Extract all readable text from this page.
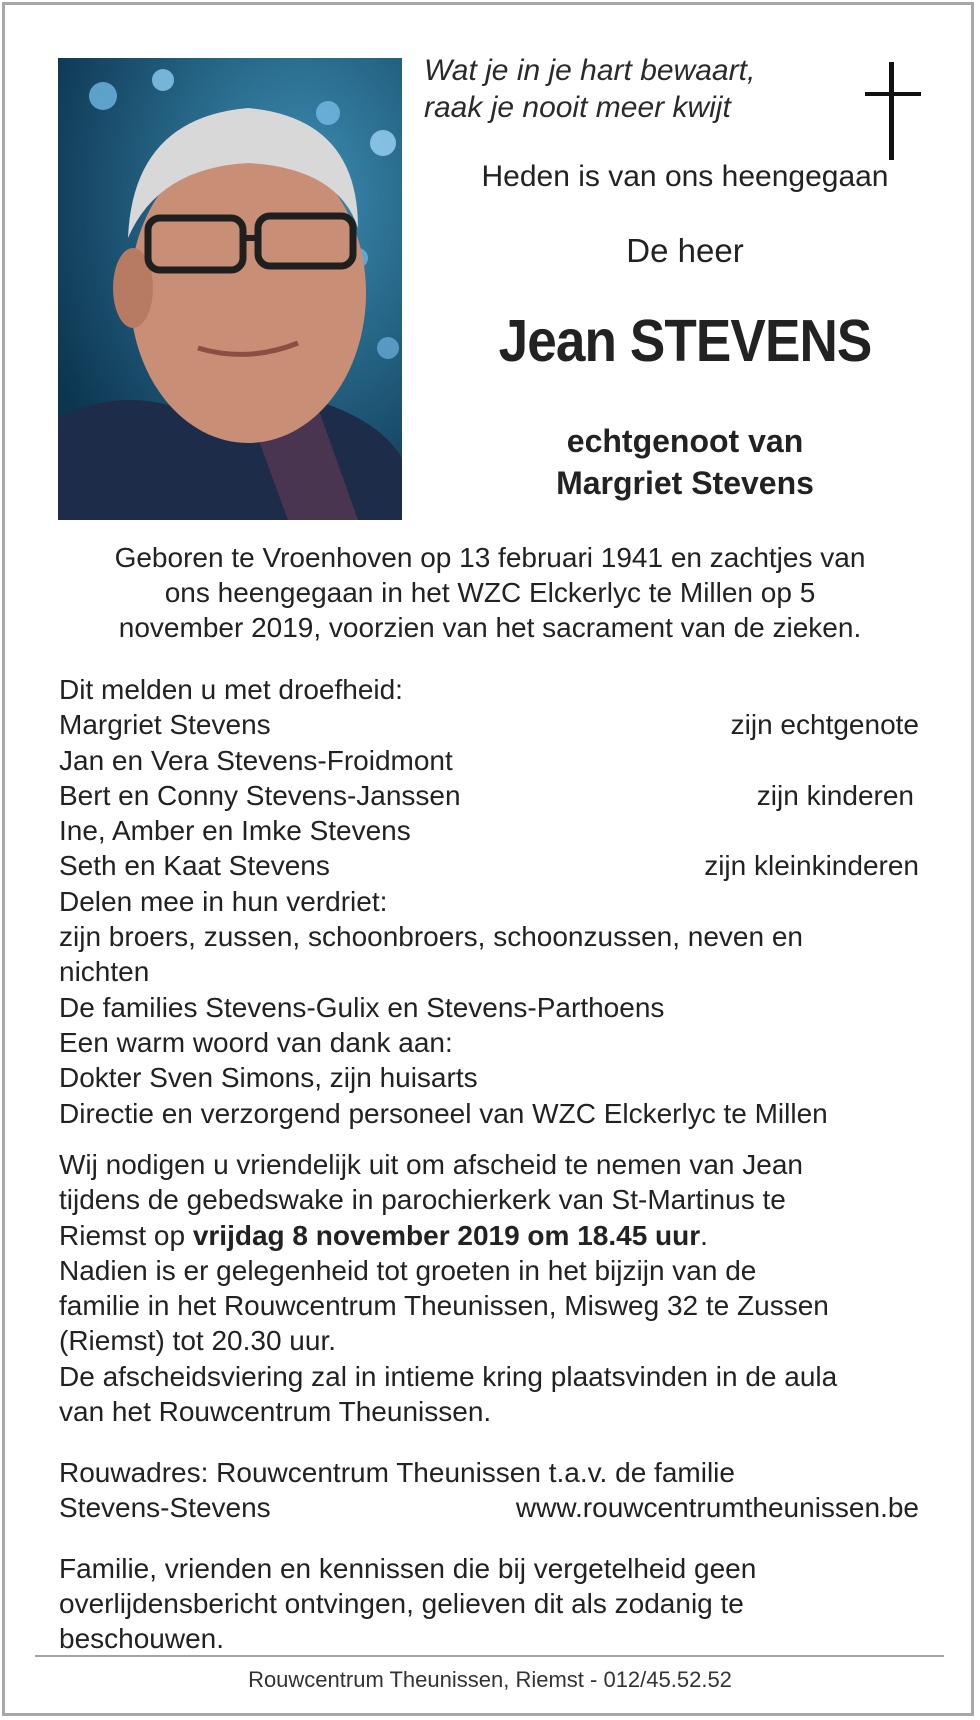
Wat je in je hart bewaart,
raak je nooit meer kwijt
Heden is van ons heengegaan
De heer
Jean STEVENS
echtgenoot van
Margriet Stevens
Geboren te Vroenhoven op 13 februari 1941 en zachtjes van
ons heengegaan in het WZC Elckerlyc te Millen op 5
november 2019, voorzien van het sacrament van de zieken.
Dit melden u met droefheid:
Margriet Stevens	zijn echtgenote
Jan en Vera Stevens-Froidmont
Bert en Conny Stevens-Janssen	zijn kinderen
Ine, Amber en Imke Stevens
Seth en Kaat Stevens	zijn kleinkinderen
Delen mee in hun verdriet:
zijn broers, zussen, schoonbroers, schoonzussen, neven en
nichten
De families Stevens-Gulix en Stevens-Parthoens
Een warm woord van dank aan:
Dokter Sven Simons, zijn huisarts
Directie en verzorgend personeel van WZC Elckerlyc te Millen
Wij nodigen u vriendelijk uit om afscheid te nemen van Jean
tijdens de gebedswake in parochierkerk van St-Martinus te
Riemst op vrijdag 8 november 2019 om 18.45 uur.
Nadien is er gelegenheid tot groeten in het bijzijn van de
familie in het Rouwcentrum Theunissen, Misweg 32 te Zussen
(Riemst) tot 20.30 uur.
De afscheidsviering zal in intieme kring plaatsvinden in de aula
van het Rouwcentrum Theunissen.
Rouwadres: Rouwcentrum Theunissen t.a.v. de familie
Stevens-Stevens	www.rouwcentrumtheunissen.be
Familie, vrienden en kennissen die bij vergetelheid geen
overlijdensbericht ontvingen, gelieven dit als zodanig te
beschouwen.
Rouwcentrum Theunissen, Riemst - 012/45.52.52
